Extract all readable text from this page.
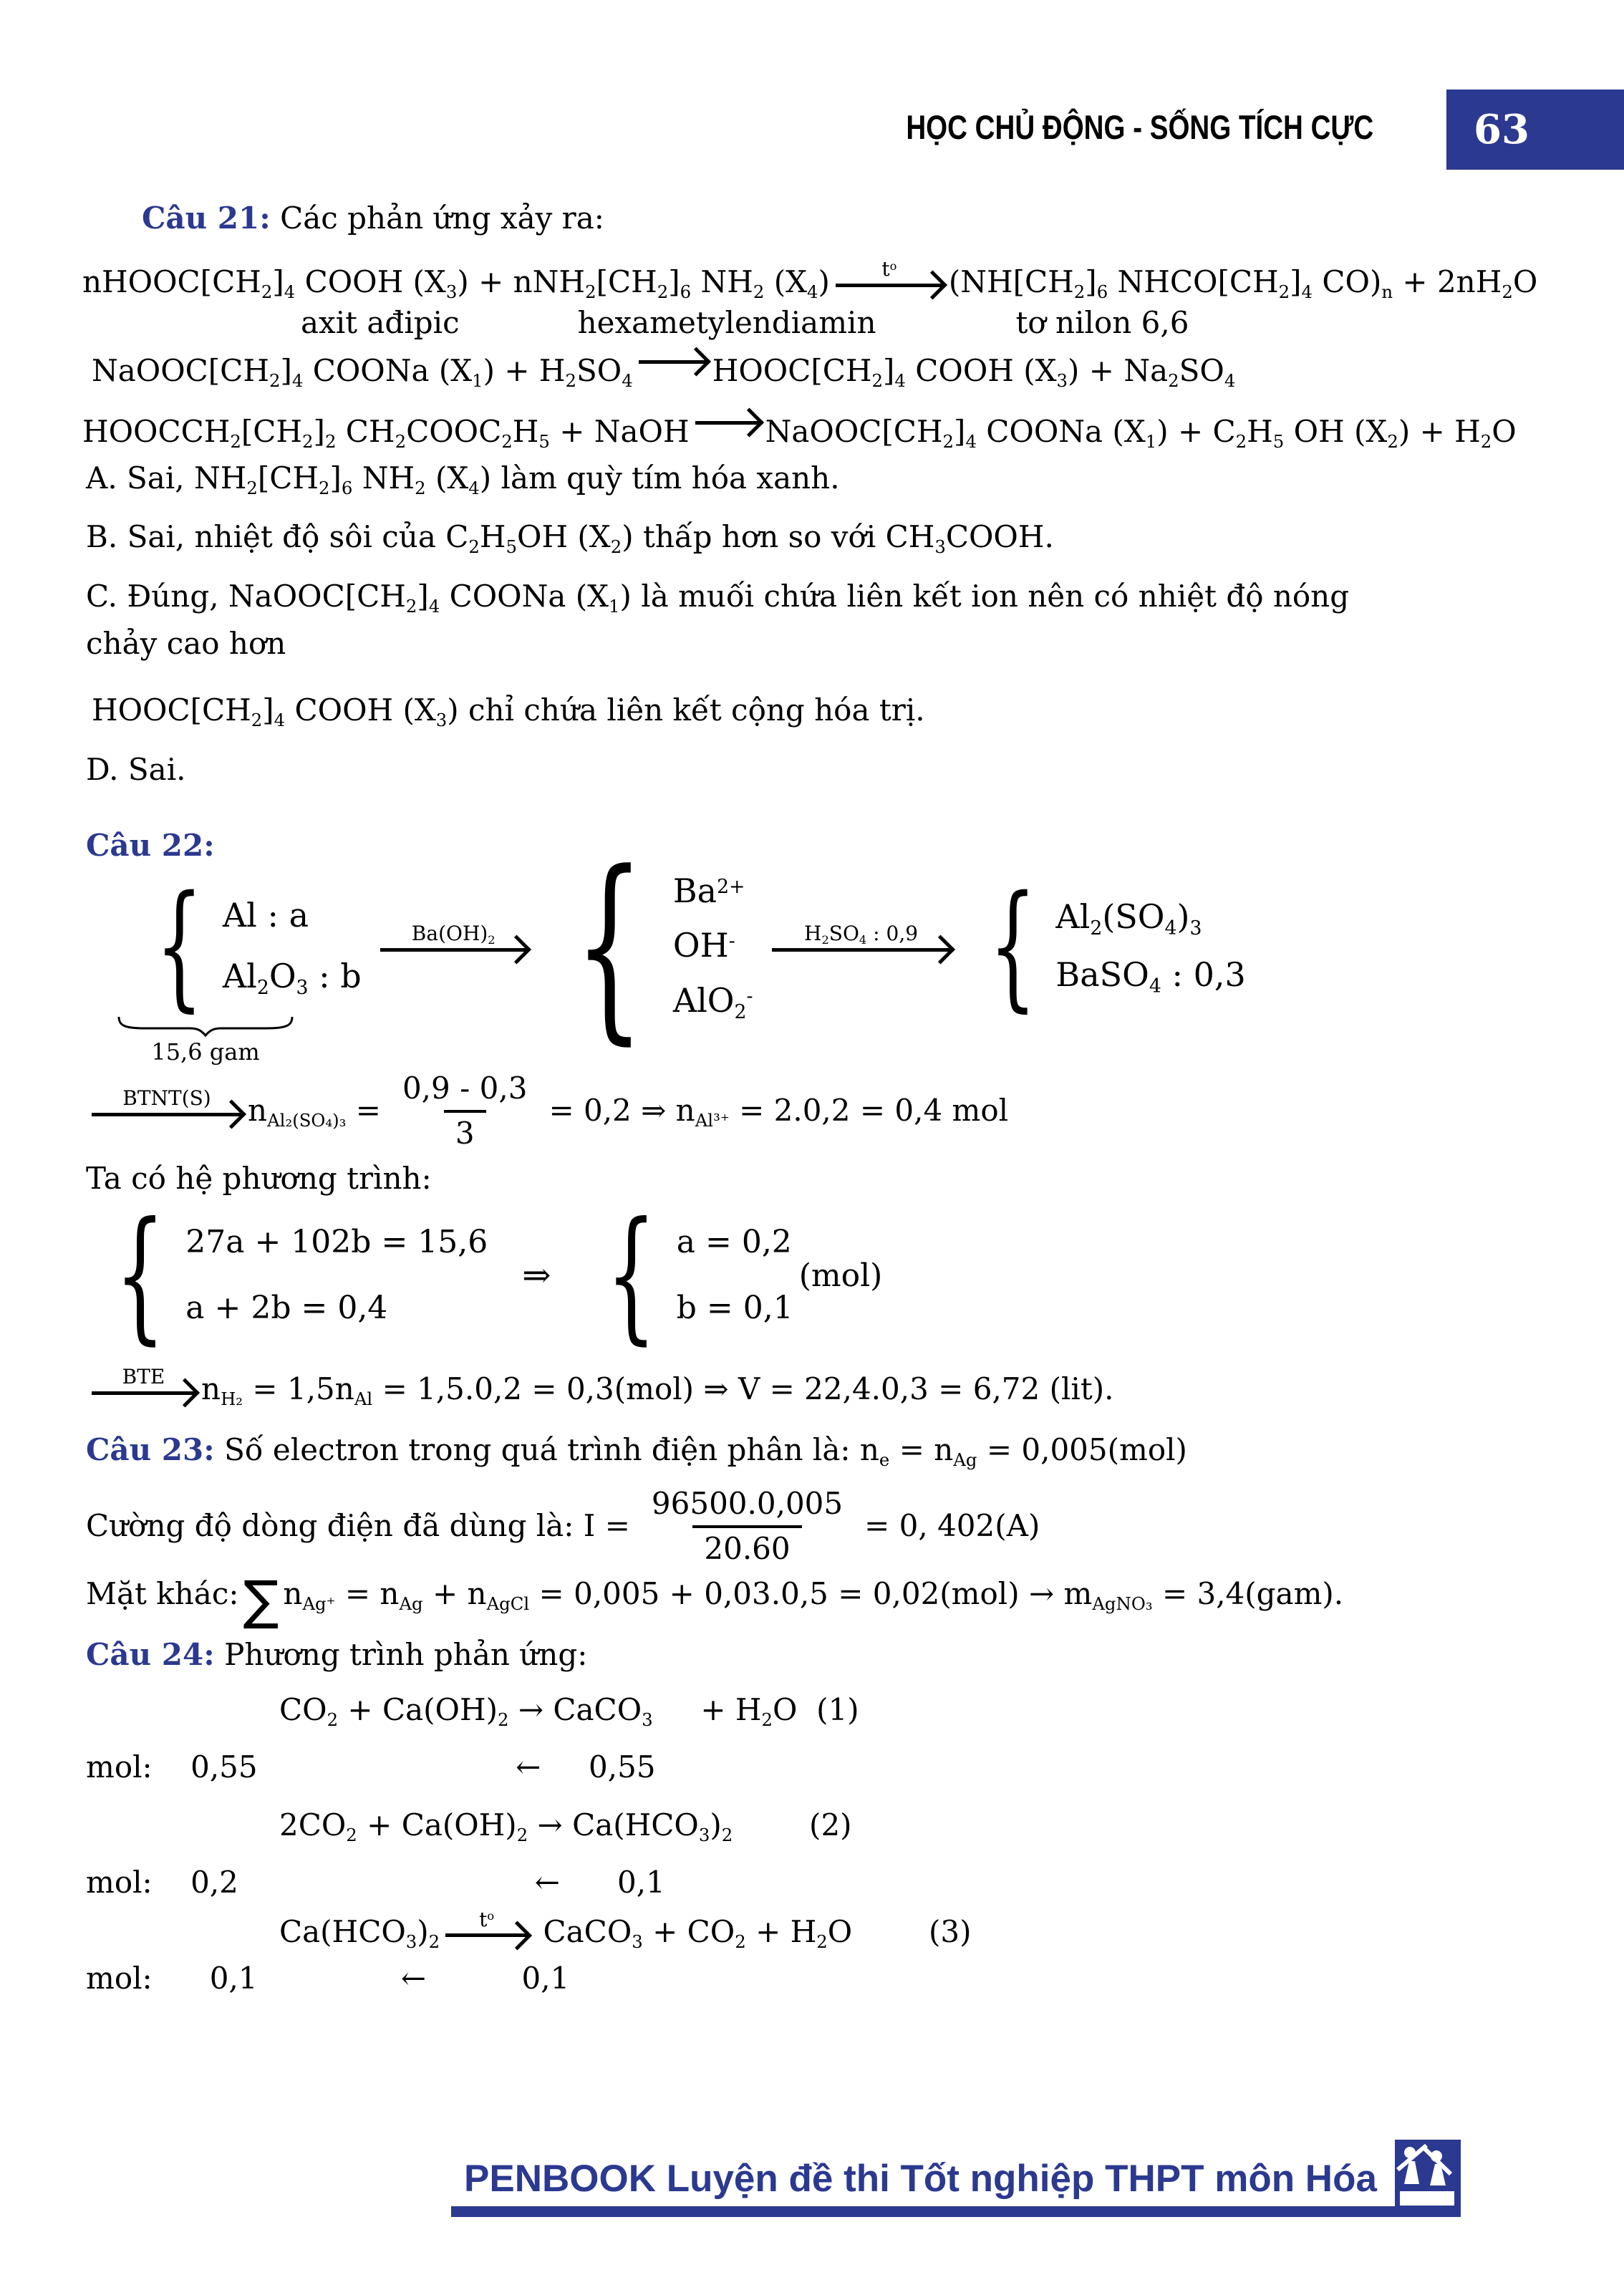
HỌC CHỦ ĐỘNG - SỐNG TÍCH CỰC	63
Câu 21: Các phản ứng xảy ra:
$nHOOC[CH_2]_4$ COOH $(X_3) + nNH_2[CH_2]_6$ $NH_2$ $(X_4)$	$t^o$ ($NH[CH_2]_6$ $NHCO[CH_2]_4$ $CO)_n + 2nH_2O$
axit ađipic	hexametylendiamin	tơ nilon 6,6
$NaOOC[CH_2]_4$ COONa $(X_1) + H_2SO_4$	$HOOC[CH_2]_4$ COOH $(X_3) + Na_2SO_4$
$HOOCCH_2[CH_2]_2$ $CH_2COOC_2H_5$ + NaOH	$NaOOC[CH_2]_4$ COONa $(X_1) + C_2H_5$ OH $(X_2) + H_2O$
A. Sai, $NH_2[CH_2]_6$ $NH_2$ $(X_4)$ làm quỳ tím hóa xanh.
B. Sai, nhiệt độ sôi của $C_2H_5OH$ $(X_2)$ thấp hơn so với $CH_3COOH$.
C. Đúng, $NaOOC[CH_2]_4$ COONa $(X_1)$ là muối chứa liên kết ion nên có nhiệt độ nóng
chảy cao hơn
$HOOC[CH_2]_4$ COOH $(X_3)$ chỉ chứa liên kết cộng hóa trị.
D. Sai.
Câu 22:
{ Al : a
$Al_2O_3$ : b
15,6 gam
$Ba(OH)_2$ { $Ba^{2+}$
OH-
AlO$_2$-
$H_2SO_4$ : 0,9 { $Al_2(SO_4)_3$
BaSO$_4$ : 0,3
BTNT(S) $n_{Al_2(SO_4)_3} = \frac{0,9 - 0,3}{3} = 0,2$ ⇒ $n_{Al^{3+}} = 2.0,2 = 0,4$ mol
Ta có hệ phương trình:
{ 27a + 102b = 15,6
a + 2b = 0,4
⇒ { a = 0,2
b = 0,1
(mol)
BTE $n_{H_2} = 1,5n_{Al} = 1,5.0,2 = 0,3(mol)$ ⇒ V = 22,4.0,3 = 6,72 (lit).
Câu 23: Số electron trong quá trình điện phân là: $n_e = n_{Ag} = 0,005(mol)$
Cường độ dòng điện đã dùng là: $I = \frac{96500.0,005}{20.60} = 0$, 402(A)
Mặt khác: ∑ $n_{Ag^+} = n_{Ag} + n_{AgCl} = 0,005 + 0,03.0,5 = 0,02(mol) \to m_{AgNO_3} = 3,4(gam)$.
Câu 24: Phương trình phản ứng:
$CO_2 + Ca(OH)_2$ → CaCO$_3$     + $H_2O$  (1)
mol:    0,55                           ←     0,55
$2CO_2 + Ca(OH)_2 \to Ca(HCO_3)_2$        (2)
mol:    0,2                               ←      0,1
$Ca(HCO_3)_2$
$t^o$ CaCO$_3$ + $CO_2 + H_2O$        (3)
mol:      0,1               ←          0,1
PENBOOK Luyện đề thi Tốt nghiệp THPT môn Hóa
